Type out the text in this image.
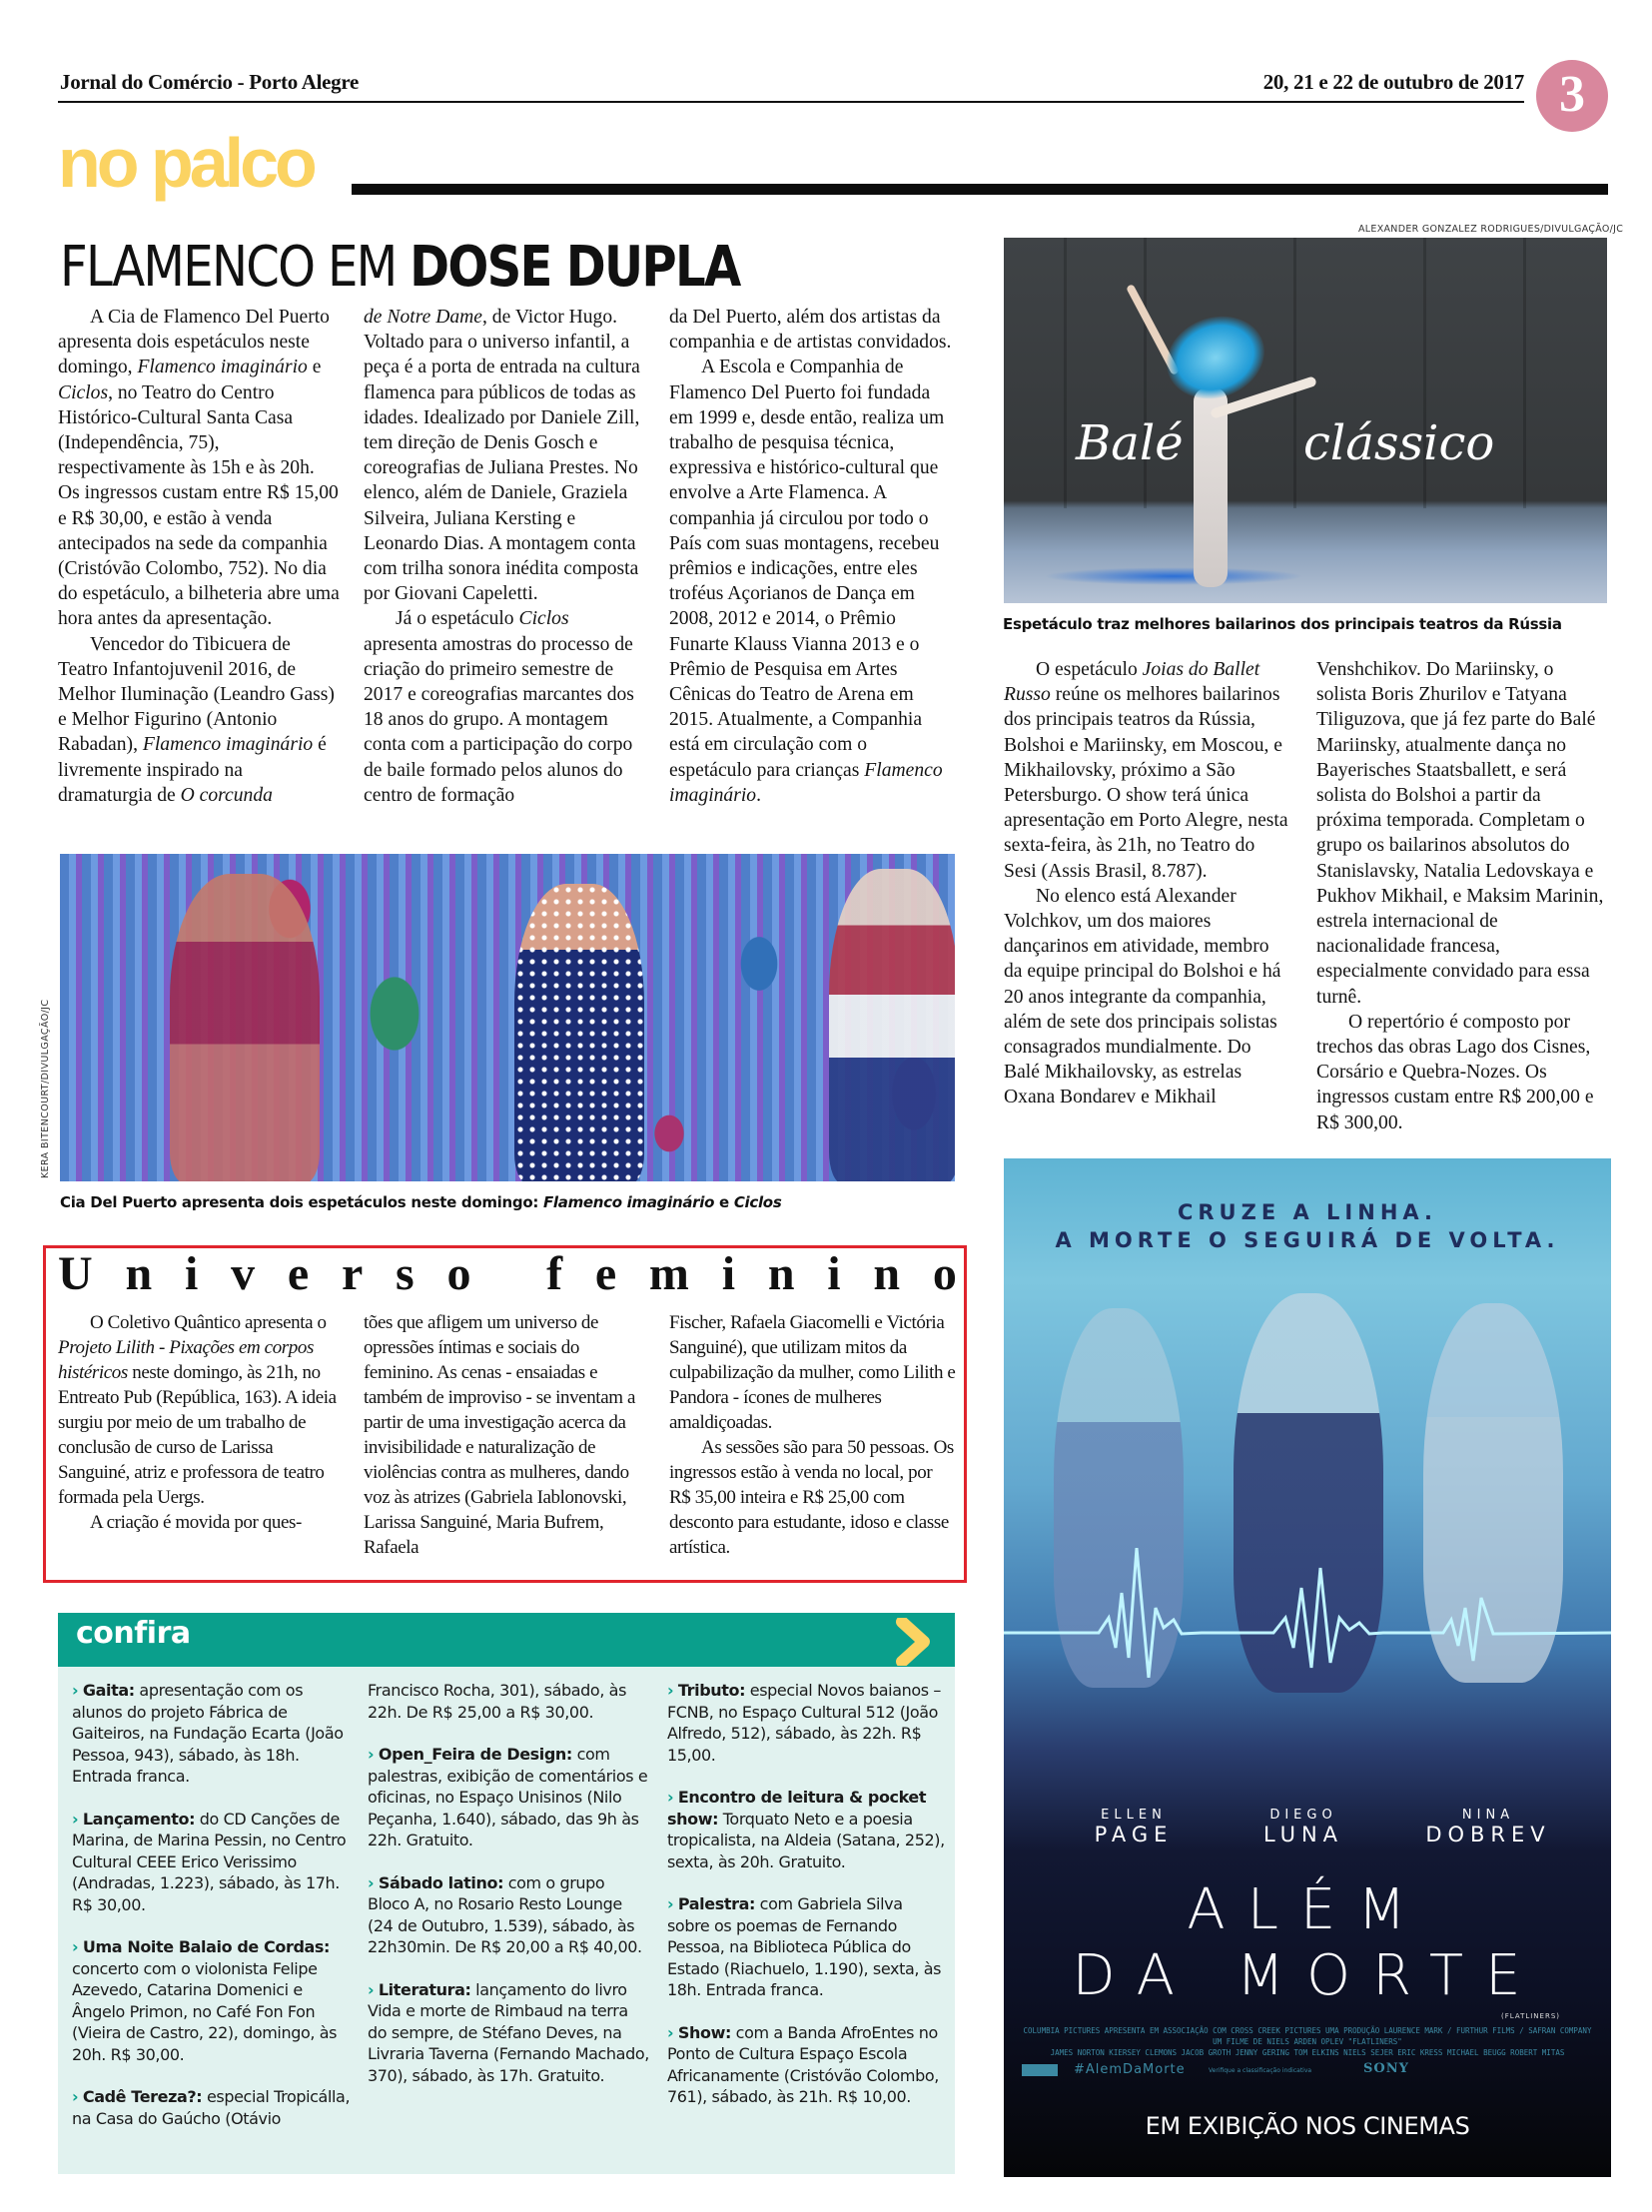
Jornal do Comércio - Porto Alegre	20, 21 e 22 de outubro de 2017 3
no palco
FLAMENCO EM DOSE DUPLA

A Cia de Flamenco Del Puerto apresenta dois espetáculos neste domingo, Flamenco imaginário e Ciclos, no Teatro do Centro Histórico-Cultural Santa Casa (Independência, 75), respectivamente às 15h e às 20h. Os ingressos custam entre R$ 15,00 e R$ 30,00, e estão à venda antecipados na sede da companhia (Cristóvão Colombo, 752). No dia do espetáculo, a bilheteria abre uma hora antes da apresentação.

Vencedor do Tibicuera de Teatro Infantojuvenil 2016, de Melhor Iluminação (Leandro Gass) e Melhor Figurino (Antonio Rabadan), Flamenco imaginário é livremente inspirado na dramaturgia de O corcunda

de Notre Dame, de Victor Hugo. Voltado para o universo infantil, a peça é a porta de entrada na cultura flamenca para públicos de todas as idades. Idealizado por Daniele Zill, tem direção de Denis Gosch e coreografias de Juliana Prestes. No elenco, além de Daniele, Graziela Silveira, Juliana Kersting e Leonardo Dias. A montagem conta com trilha sonora inédita composta por Giovani Capeletti.

Já o espetáculo Ciclos apresenta amostras do processo de criação do primeiro semestre de 2017 e coreografias marcantes dos 18 anos do grupo. A montagem conta com a participação do corpo de baile formado pelos alunos do centro de formação

da Del Puerto, além dos artistas da companhia e de artistas convidados.

A Escola e Companhia de Flamenco Del Puerto foi fundada em 1999 e, desde então, realiza um trabalho de pesquisa técnica, expressiva e histórico-cultural que envolve a Arte Flamenca. A companhia já circulou por todo o País com suas montagens, recebeu prêmios e indicações, entre eles troféus Açorianos de Dança em 2008, 2012 e 2014, o Prêmio Funarte Klauss Vianna 2013 e o Prêmio de Pesquisa em Artes Cênicas do Teatro de Arena em 2015. Atualmente, a Companhia está em circulação com o espetáculo para crianças Flamenco imaginário.

KERA BITENCOURT/DIVULGAÇÃO/JC
Cia Del Puerto apresenta dois espetáculos neste domingo: Flamenco imaginário e Ciclos
ALEXANDER GONZALEZ RODRIGUES/DIVULGAÇÃO/JC
Balé	clássico
Espetáculo traz melhores bailarinos dos principais teatros da Rússia

O espetáculo Joias do Ballet Russo reúne os melhores bailarinos dos principais teatros da Rússia, Bolshoi e Mariinsky, em Moscou, e Mikhailovsky, próximo a São Petersburgo. O show terá única apresentação em Porto Alegre, nesta sexta-feira, às 21h, no Teatro do Sesi (Assis Brasil, 8.787).

No elenco está Alexander Volchkov, um dos maiores dançarinos em atividade, membro da equipe principal do Bolshoi e há 20 anos integrante da companhia, além de sete dos principais solistas consagrados mundialmente. Do Balé Mikhailovsky, as estrelas Oxana Bondarev e Mikhail

Venshchikov. Do Mariinsky, o solista Boris Zhurilov e Tatyana Tiliguzova, que já fez parte do Balé Mariinsky, atualmente dança no Bayerisches Staatsballett, e será solista do Bolshoi a partir da próxima temporada. Completam o grupo os bailarinos absolutos do Stanislavsky, Natalia Ledovskaya e Pukhov Mikhail, e Maksim Marinin, estrela internacional de nacionalidade francesa, especialmente convidado para essa turnê.

O repertório é composto por trechos das obras Lago dos Cisnes, Corsário e Quebra-Nozes. Os ingressos custam entre R$ 200,00 e R$ 300,00.

U n i v e r s o f e m i n i n o

O Coletivo Quântico apresenta o Projeto Lilith - Pixações em corpos histéricos neste domingo, às 21h, no Entreato Pub (República, 163). A ideia surgiu por meio de um trabalho de conclusão de curso de Larissa Sanguiné, atriz e professora de teatro formada pela Uergs.

A criação é movida por ques-

tões que afligem um universo de opressões íntimas e sociais do feminino. As cenas - ensaiadas e também de improviso - se inventam a partir de uma investigação acerca da invisibilidade e naturalização de violências contra as mulheres, dando voz às atrizes (Gabriela Iablonovski, Larissa Sanguiné, Maria Bufrem, Rafaela

Fischer, Rafaela Giacomelli e Victória Sanguiné), que utilizam mitos da culpabilização da mulher, como Lilith e Pandora - ícones de mulheres amaldiçoadas.

As sessões são para 50 pessoas. Os ingressos estão à venda no local, por R$ 35,00 inteira e R$ 25,00 com desconto para estudante, idoso e classe artística.

confira
› Gaita: apresentação com os alunos do projeto Fábrica de Gaiteiros, na Fundação Ecarta (João Pessoa, 943), sábado, às 18h. Entrada franca.
› Lançamento: do CD Canções de Marina, de Marina Pessin, no Centro Cultural CEEE Erico Verissimo (Andradas, 1.223), sábado, às 17h. R$ 30,00.
› Uma Noite Balaio de Cordas: concerto com o violonista Felipe Azevedo, Catarina Domenici e Ângelo Primon, no Café Fon Fon (Vieira de Castro, 22), domingo, às 20h. R$ 30,00.
› Cadê Tereza?: especial Tropicálla, na Casa do Gaúcho (Otávio
Francisco Rocha, 301), sábado, às 22h. De R$ 25,00 a R$ 30,00.
› Open_Feira de Design: com palestras, exibição de comentários e oficinas, no Espaço Unisinos (Nilo Peçanha, 1.640), sábado, das 9h às 22h. Gratuito.
› Sábado latino: com o grupo Bloco A, no Rosario Resto Lounge (24 de Outubro, 1.539), sábado, às 22h30min. De R$ 20,00 a R$ 40,00.
› Literatura: lançamento do livro Vida e morte de Rimbaud na terra do sempre, de Stéfano Deves, na Livraria Taverna (Fernando Machado, 370), sábado, às 17h. Gratuito.
› Tributo: especial Novos baianos – FCNB, no Espaço Cultural 512 (João Alfredo, 512), sábado, às 22h. R$ 15,00.
› Encontro de leitura & pocket show: Torquato Neto e a poesia tropicalista, na Aldeia (Satana, 252), sexta, às 20h. Gratuito.
› Palestra: com Gabriela Silva sobre os poemas de Fernando Pessoa, na Biblioteca Pública do Estado (Riachuelo, 1.190), sexta, às 18h. Entrada franca.
› Show: com a Banda AfroEntes no Ponto de Cultura Espaço Escola Africanamente (Cristóvão Colombo, 761), sábado, às 21h. R$ 10,00.
CRUZE A LINHA.
A MORTE O SEGUIRÁ DE VOLTA.
ELLEN
PAGE
DIEGO
LUNA
NINA
DOBREV
ALÉM
DA MORTE
(FLATLINERS)
COLUMBIA PICTURES APRESENTA EM ASSOCIAÇÃO COM CROSS CREEK PICTURES UMA PRODUÇÃO LAURENCE MARK / FURTHUR FILMS / SAFRAN COMPANY UM FILME DE NIELS ARDEN OPLEV "FLATLINERS"
JAMES NORTON KIERSEY CLEMONS JACOB GROTH JENNY GERING TOM ELKINS NIELS SEJER ERIC KRESS MICHAEL BEUGG ROBERT MITAS
#AlemDaMorte	Verifique a classificação indicativa	SONY
EM EXIBIÇÃO NOS CINEMAS
